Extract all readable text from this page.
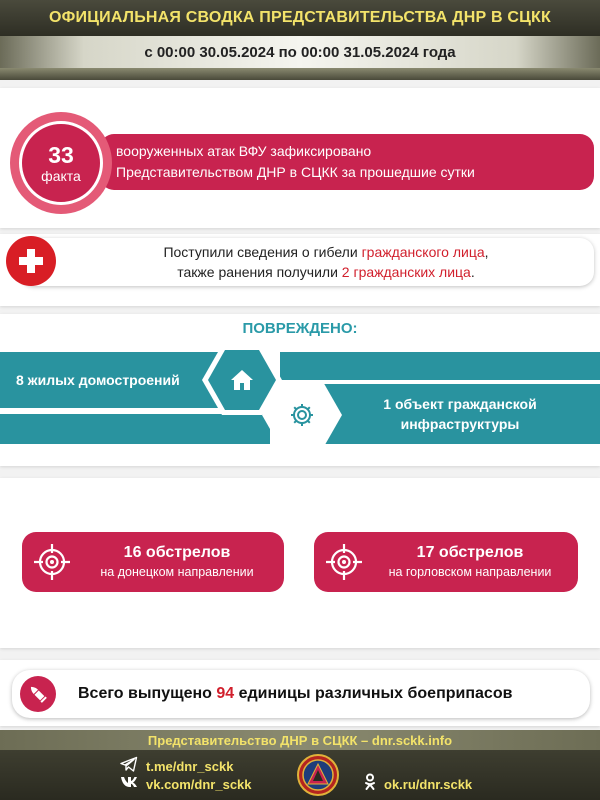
ОФИЦИАЛЬНАЯ СВОДКА ПРЕДСТАВИТЕЛЬСТВА ДНР В СЦКК
с 00:00 30.05.2024 по 00:00 31.05.2024 года
вооруженных атак ВФУ зафиксировано
Представительством ДНР в СЦКК за прошедшие сутки
33
факта
Поступили сведения о гибели гражданского лица,
также ранения получили 2 гражданских лица.
ПОВРЕЖДЕНО:
8 жилых домостроений
1 объект гражданской
инфраструктуры
16 обстрелов
на донецком направлении
17 обстрелов
на горловском направлении
Всего выпущено 94 единицы различных боеприпасов
Представительство ДНР в СЦКК – dnr.sckk.info
t.me/dnr_sckk
vk.com/dnr_sckk	ok.ru/dnr.sckk
